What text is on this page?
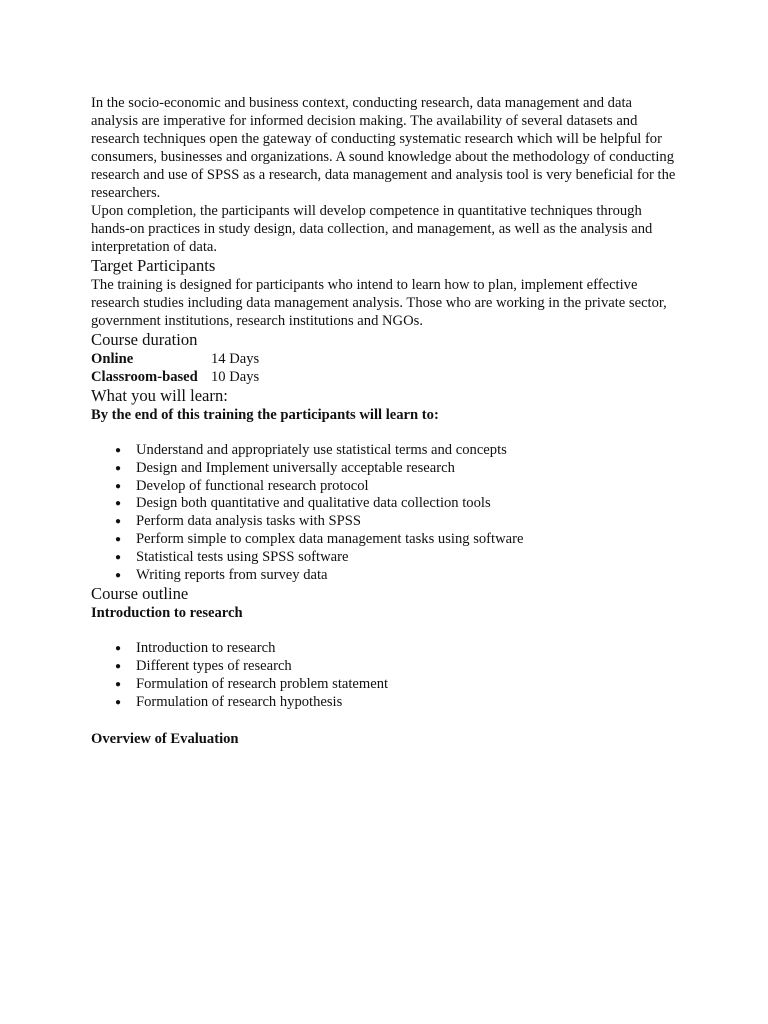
In the socio-economic and business context, conducting research, data management and data analysis are imperative for informed decision making. The availability of several datasets and research techniques open the gateway of conducting systematic research which will be helpful for consumers, businesses and organizations. A sound knowledge about the methodology of conducting research and use of SPSS as a research, data management and analysis tool is very beneficial for the researchers.

Upon completion, the participants will develop competence in quantitative techniques through hands-on practices in study design, data collection, and management, as well as the analysis and interpretation of data.

Target Participants

The training is designed for participants who intend to learn how to plan, implement effective research studies including data management analysis. Those who are working in the private sector, government institutions, research institutions and NGOs.

Course duration
Online	14 Days
Classroom-based	10 Days
What you will learn:

By the end of this training the participants will learn to:

● Understand and appropriately use statistical terms and concepts
● Design and Implement universally acceptable research
● Develop of functional research protocol
● Design both quantitative and qualitative data collection tools
● Perform data analysis tasks with SPSS
● Perform simple to complex data management tasks using software
● Statistical tests using SPSS software
● Writing reports from survey data
Course outline

Introduction to research

● Introduction to research
● Different types of research
● Formulation of research problem statement
● Formulation of research hypothesis

Overview of Evaluation
